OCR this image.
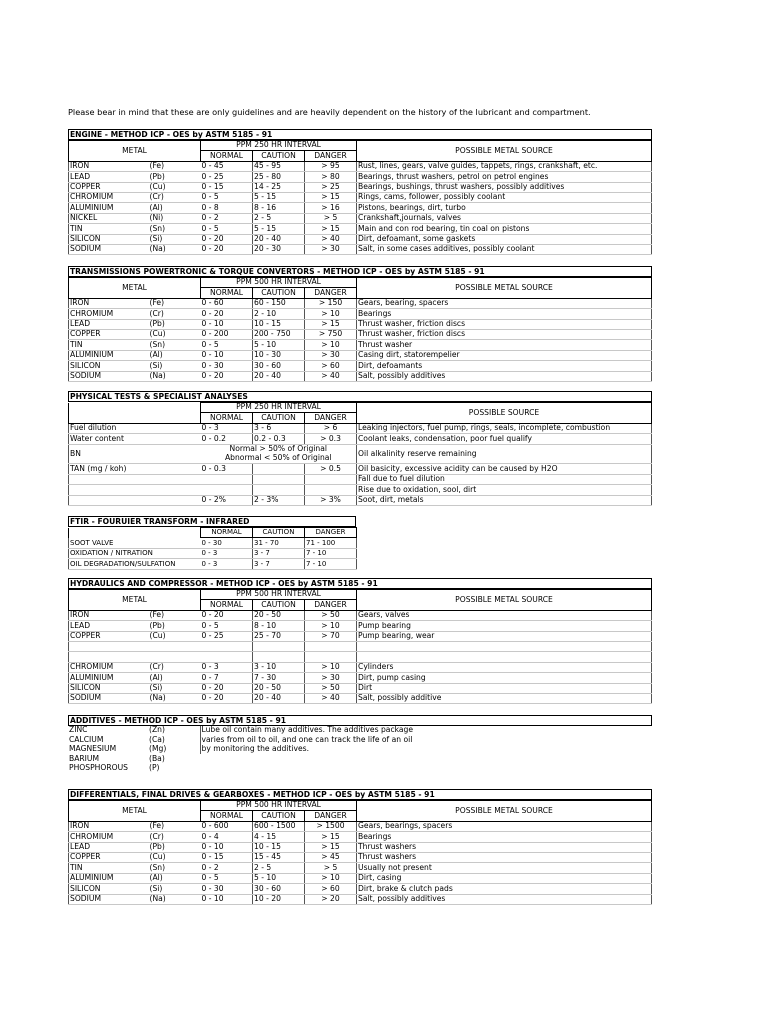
Please bear in mind that these are only guidelines and are heavily dependent on the history of the lubricant and compartment.
ENGINE - METHOD ICP - OES by ASTM 5185 - 91
METAL		PPM 250 HR INTERVAL			POSSIBLE METAL SOURCE
		NORMAL	CAUTION	DANGER	
IRON	(Fe)	0 - 45	45 - 95	> 95	Rust, lines, gears, valve guides, tappets, rings, crankshaft, etc.
LEAD	(Pb)	0 - 25	25 - 80	> 80	Bearings, thrust washers, petrol on petrol engines
COPPER	(Cu)	0 - 15	14 - 25	> 25	Bearings, bushings, thrust washers, possibly additives
CHROMIUM	(Cr)	0 - 5	5 - 15	> 15	Rings, cams, follower, possibly coolant
ALUMINIUM	(Al)	0 - 8	8 - 16	> 16	Pistons, bearings, dirt, turbo
NICKEL	(Ni)	0 - 2	2 - 5	> 5	Crankshaft,journals, valves
TIN	(Sn)	0 - 5	5 - 15	> 15	Main and con rod bearing, tin coal on pistons
SILICON	(Si)	0 - 20	20 - 40	> 40	Dirt, defoamant, some gaskets
SODIUM	(Na)	0 - 20	20 - 30	> 30	Salt, in some cases additives, possibly coolant
TRANSMISSIONS POWERTRONIC & TORQUE CONVERTORS - METHOD ICP - OES by ASTM 5185 - 91
METAL		PPM 500 HR INTERVAL			POSSIBLE METAL SOURCE
		NORMAL	CAUTION	DANGER	
IRON	(Fe)	0 - 60	60 - 150	> 150	Gears, bearing, spacers
CHROMIUM	(Cr)	0 - 20	2 - 10	> 10	Bearings
LEAD	(Pb)	0 - 10	10 - 15	> 15	Thrust washer, friction discs
COPPER	(Cu)	0 - 200	200 - 750	> 750	Thrust washer, friction discs
TIN	(Sn)	0 - 5	5 - 10	> 10	Thrust washer
ALUMINIUM	(Al)	0 - 10	10 - 30	> 30	Casing dirt, statorempelier
SILICON	(Si)	0 - 30	30 - 60	> 60	Dirt, defoamants
SODIUM	(Na)	0 - 20	20 - 40	> 40	Salt, possibly additives
PHYSICAL TESTS & SPECIALIST ANALYSES
	PPM 250 HR INTERVAL			POSSIBLE SOURCE
	NORMAL	CAUTION	DANGER	
Fuel dilution	0 - 3	3 - 6	> 6	Leaking injectors, fuel pump, rings, seals, incomplete, combustion
Water content	0 - 0.2	0.2 - 0.3	> 0.3	Coolant leaks, condensation, poor fuel qualify
BN	Normal > 50% of Original			Oil alkalinity reserve remaining
	Abnormal < 50% of Original			
TAN (mg / koh)	0 - 0.3		> 0.5	Oil basicity, excessive acidity can be caused by H2O
				Fall due to fuel dilution
				Rise due to oxidation, sool, dirt
	0 - 2%	2 - 3%	> 3%	Soot, dirt, metals
FTIR - FOURUIER TRANSFORM - INFRARED
	NORMAL	CAUTION	DANGER
SOOT VALVE	0 - 30	31 - 70	71 - 100
OXIDATION / NITRATION	0 - 3	3 - 7	7 - 10
OIL DEGRADATION/SULFATION	0 - 3	3 - 7	7 - 10
HYDRAULICS AND COMPRESSOR - METHOD ICP - OES by ASTM 5185 - 91
METAL		PPM 500 HR INTERVAL			POSSIBLE METAL SOURCE
		NORMAL	CAUTION	DANGER	
IRON	(Fe)	0 - 20	20 - 50	> 50	Gears, valves
LEAD	(Pb)	0 - 5	8 - 10	> 10	Pump bearing
COPPER	(Cu)	0 - 25	25 - 70	> 70	Pump bearing, wear

CHROMIUM	(Cr)	0 - 3	3 - 10	> 10	Cylinders
ALUMINIUM	(Al)	0 - 7	7 - 30	> 30	Dirt, pump casing
SILICON	(Si)	0 - 20	20 - 50	> 50	Dirt
SODIUM	(Na)	0 - 20	20 - 40	> 40	Salt, possibly additive
ADDITIVES - METHOD ICP - OES by ASTM 5185 - 91
ZINC	(Zn)	Lube oil contain many additives. The additives package
CALCIUM	(Ca)	varies from oil to oil, and one can track the life of an oil
MAGNESIUM	(Mg)	by monitoring the additives.
BARIUM	(Ba)	
PHOSPHOROUS	(P)	
DIFFERENTIALS, FINAL DRIVES & GEARBOXES - METHOD ICP - OES by ASTM 5185 - 91
METAL		PPM 500 HR INTERVAL			POSSIBLE METAL SOURCE
		NORMAL	CAUTION	DANGER	
IRON	(Fe)	0 - 600	600 - 1500	> 1500	Gears, bearings, spacers
CHROMIUM	(Cr)	0 - 4	4 - 15	> 15	Bearings
LEAD	(Pb)	0 - 10	10 - 15	> 15	Thrust washers
COPPER	(Cu)	0 - 15	15 - 45	> 45	Thrust washers
TIN	(Sn)	0 - 2	2 - 5	> 5	Usually not present
ALUMINIUM	(Al)	0 - 5	5 - 10	> 10	Dirt, casing
SILICON	(Si)	0 - 30	30 - 60	> 60	Dirt, brake & clutch pads
SODIUM	(Na)	0 - 10	10 - 20	> 20	Salt, possibly additives
